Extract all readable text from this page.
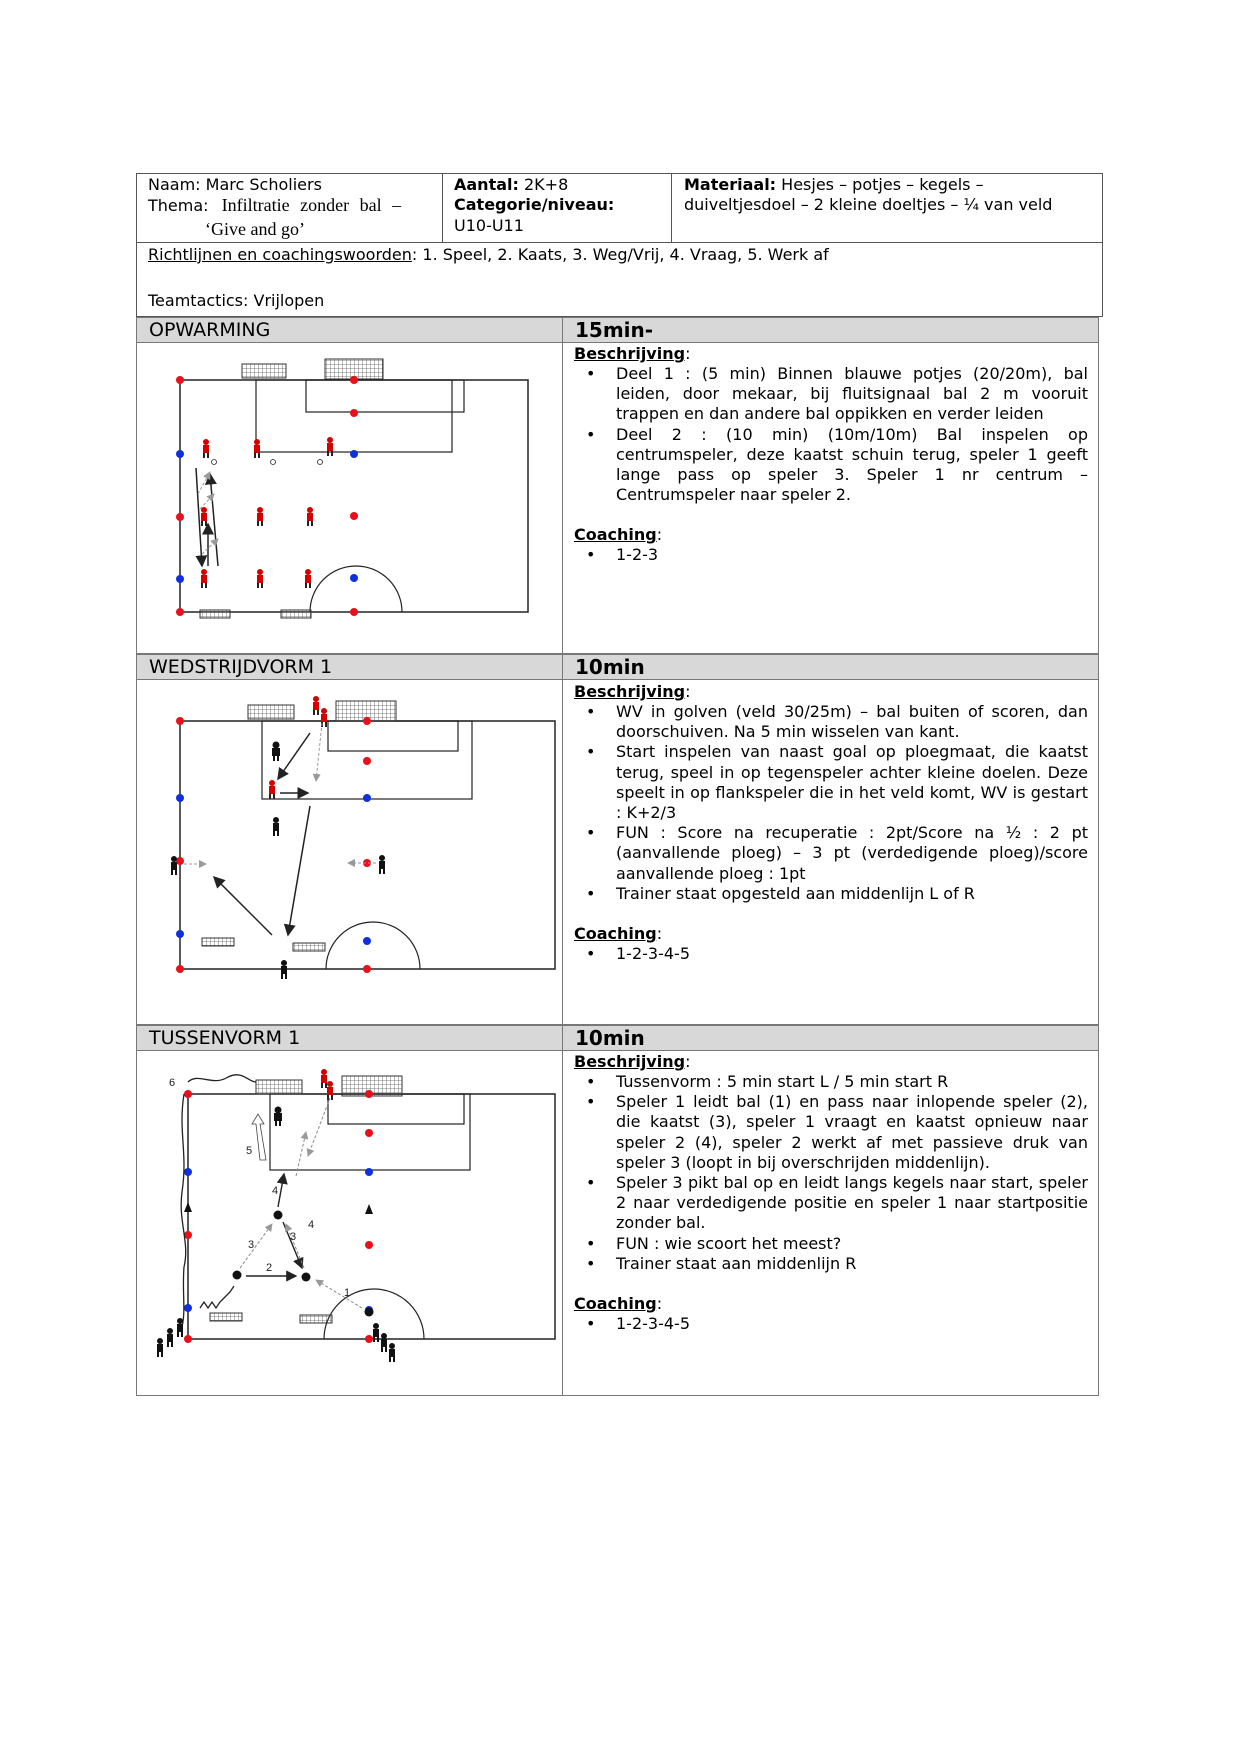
Naam: Marc Scholiers
Thema: Infiltratie zonder bal –
‘Give and go’
Aantal: 2K+8
Categorie/niveau:
U10-U11
Materiaal: Hesjes – potjes – kegels –
duiveltjesdoel – 2 kleine doeltjes – ¼ van veld
Richtlijnen en coachingswoorden: 1. Speel, 2. Kaats, 3. Weg/Vrij, 4. Vraag, 5. Werk af
Teamtactics: Vrijlopen
OPWARMING	15min-
Beschrijving:
• Deel 1 : (5 min) Binnen blauwe potjes (20/20m), bal leiden, door mekaar, bij fluitsignaal bal 2 m vooruit trappen en dan andere bal oppikken en verder leiden
• Deel 2 : (10 min) (10m/10m) Bal inspelen op centrumspeler, deze kaatst schuin terug, speler 1 geeft lange pass op speler 3. Speler 1 nr centrum – Centrumspeler naar speler 2.
Coaching:
• 1-2-3
WEDSTRIJDVORM 1	10min
Beschrijving:
• WV in golven (veld 30/25m) – bal buiten of scoren, dan doorschuiven. Na 5 min wisselen van kant.
• Start inspelen van naast goal op ploegmaat, die kaatst terug, speel in op tegenspeler achter kleine doelen. Deze speelt in op flankspeler die in het veld komt, WV is gestart : K+2/3
• FUN : Score na recuperatie : 2pt/Score na ½ : 2 pt (aanvallende ploeg) – 3 pt (verdedigende ploeg)/score aanvallende ploeg : 1pt
• Trainer staat opgesteld aan middenlijn L of R
Coaching:
• 1-2-3-4-5
TUSSENVORM 1	10min
Beschrijving:
• Tussenvorm : 5 min start L / 5 min start R
• Speler 1 leidt bal (1) en pass naar inlopende speler (2), die kaatst (3), speler 1 vraagt en kaatst opnieuw naar speler 2 (4), speler 2 werkt af met passieve druk van speler 3 (loopt in bij overschrijden middenlijn).
• Speler 3 pikt bal op en leidt langs kegels naar start, speler 2 naar verdedigende positie en speler 1 naar startpositie zonder bal.
• FUN : wie scoort het meest?
• Trainer staat aan middenlijn R
Coaching:
• 1-2-3-4-5
6
5
4
4
3
3
2
1
